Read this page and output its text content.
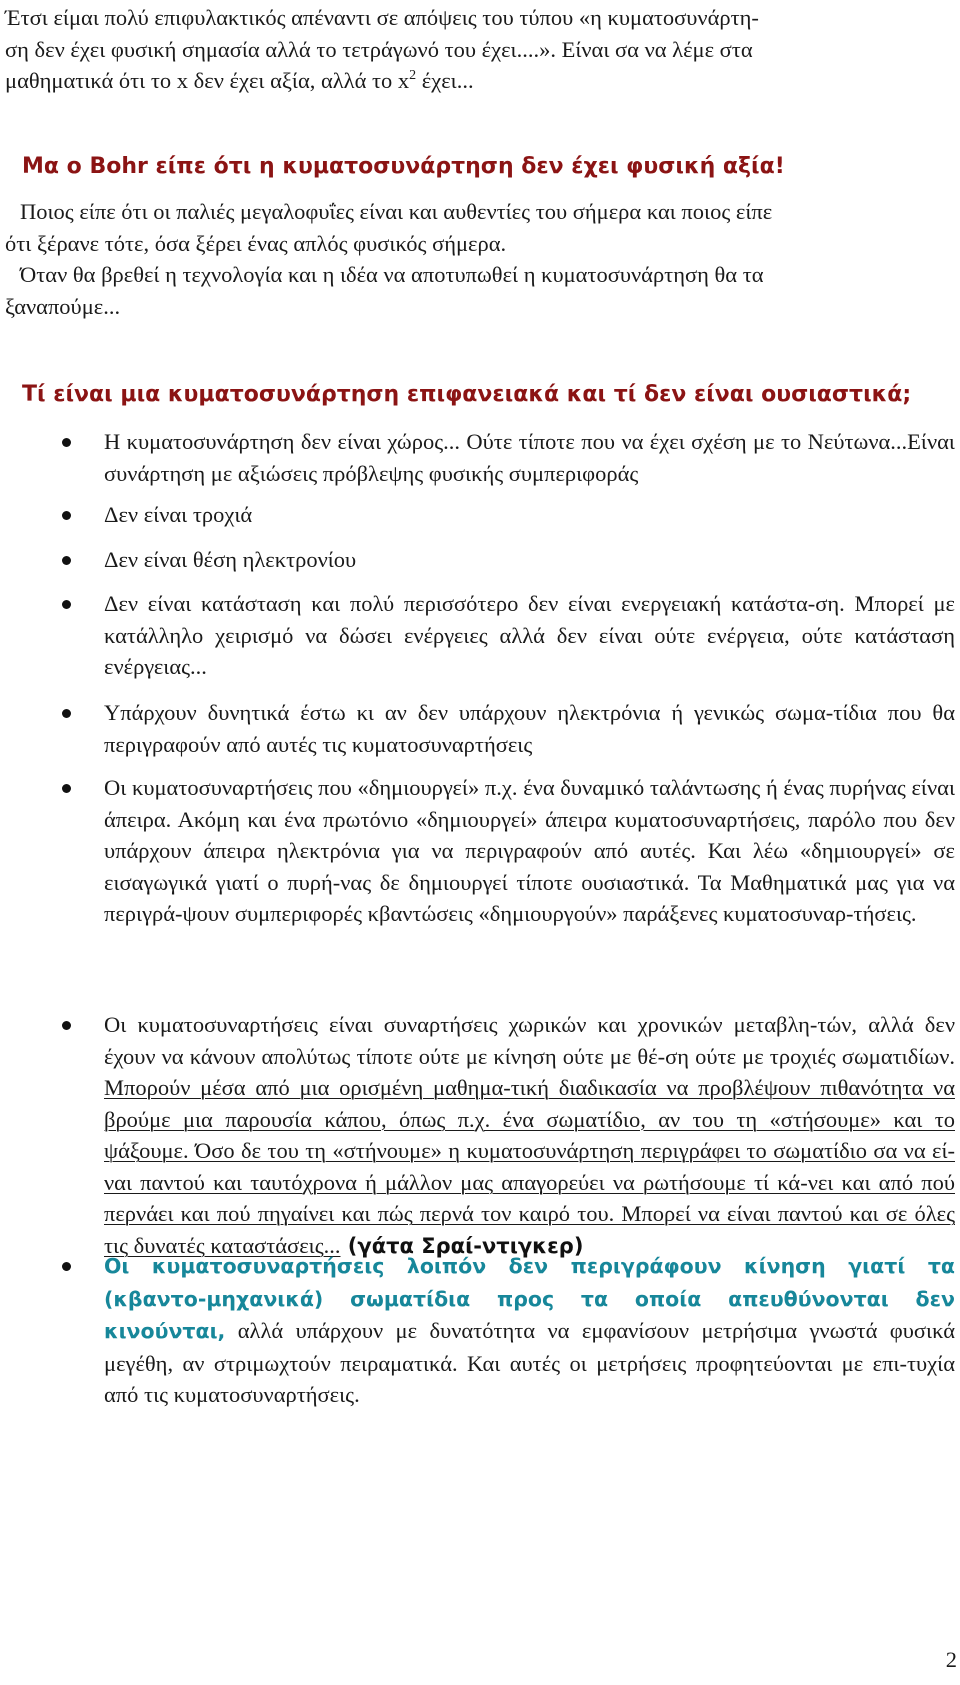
Έτσι είμαι πολύ επιφυλακτικός απέναντι σε απόψεις του τύπου «η κυματοσυνάρτη-
ση δεν έχει φυσική σημασία αλλά το τετράγωνό του έχει....». Είναι σα να λέμε στα
μαθηματικά ότι το x δεν έχει αξία, αλλά το $x^2$ έχει...
Μα ο Bohr είπε ότι η κυματοσυνάρτηση δεν έχει φυσική αξία!
Ποιος είπε ότι οι παλιές μεγαλοφυΐες είναι και αυθεντίες του σήμερα και ποιος είπε
ότι ξέρανε τότε, όσα ξέρει ένας απλός φυσικός σήμερα.
Όταν θα βρεθεί η τεχνολογία και η ιδέα να αποτυπωθεί η κυματοσυνάρτηση θα τα
ξαναπούμε...
Τί είναι μια κυματοσυνάρτηση επιφανειακά και τί δεν είναι ουσιαστικά;
Η κυματοσυνάρτηση δεν είναι χώρος... Ούτε τίποτε που να έχει σχέση με το Νεύτωνα...Είναι συνάρτηση με αξιώσεις πρόβλεψης φυσικής συμπεριφοράς
Δεν είναι τροχιά
Δεν είναι θέση ηλεκτρονίου
Δεν είναι κατάσταση και πολύ περισσότερο δεν είναι ενεργειακή κατάστα-ση. Μπορεί με κατάλληλο χειρισμό να δώσει ενέργειες αλλά δεν είναι ούτε ενέργεια, ούτε κατάσταση ενέργειας...
Υπάρχουν δυνητικά έστω κι αν δεν υπάρχουν ηλεκτρόνια ή γενικώς σωμα-τίδια που θα περιγραφούν από αυτές τις κυματοσυναρτήσεις
Οι κυματοσυναρτήσεις που «δημιουργεί» π.χ. ένα δυναμικό ταλάντωσης ή ένας πυρήνας είναι άπειρα. Ακόμη και ένα πρωτόνιο «δημιουργεί» άπειρα κυματοσυναρτήσεις, παρόλο που δεν υπάρχουν άπειρα ηλεκτρόνια για να περιγραφούν από αυτές. Και λέω «δημιουργεί» σε εισαγωγικά γιατί ο πυρή-νας δε δημιουργεί τίποτε ουσιαστικά. Τα Μαθηματικά μας για να περιγρά-ψουν συμπεριφορές κβαντώσεις «δημιουργούν» παράξενες κυματοσυναρ-τήσεις.
Οι κυματοσυναρτήσεις είναι συναρτήσεις χωρικών και χρονικών μεταβλη-τών, αλλά δεν έχουν να κάνουν απολύτως τίποτε ούτε με κίνηση ούτε με θέ-ση ούτε με τροχιές σωματιδίων. Μπορούν μέσα από μια ορισμένη μαθημα-τική διαδικασία να προβλέψουν πιθανότητα να βρούμε μια παρουσία κάπου, όπως π.χ. ένα σωματίδιο, αν του τη «στήσουμε» και το ψάξουμε. Όσο δε του τη «στήνουμε» η κυματοσυνάρτηση περιγράφει το σωματίδιο σα να εί-ναι παντού και ταυτόχρονα ή μάλλον μας απαγορεύει να ρωτήσουμε τί κά-νει και από πού περνάει και πού πηγαίνει και πώς περνά τον καιρό του. Μπορεί να είναι παντού και σε όλες τις δυνατές καταστάσεις... (γάτα Σραί-ντιγκερ)
Οι κυματοσυναρτήσεις λοιπόν δεν περιγράφουν κίνηση γιατί τα (κβαντο-μηχανικά) σωματίδια προς τα οποία απευθύνονται δεν κινούνται, αλλά υπάρχουν με δυνατότητα να εμφανίσουν μετρήσιμα γνωστά φυσικά μεγέθη, αν στριμωχτούν πειραματικά. Και αυτές οι μετρήσεις προφητεύονται με επι-τυχία από τις κυματοσυναρτήσεις.
2
